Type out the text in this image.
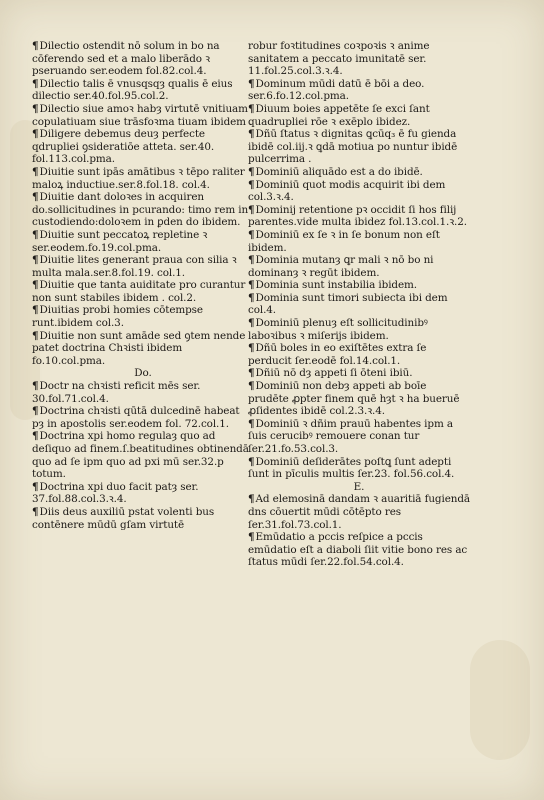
¶Dilectio ostendit nō solum in bo na cōferendo sed et a malo liberādo ꝛ pseruando ser.eodem fol.82.col.4.

¶Dilectio talis ē vnusqsqȝ qualis ē eius dilectio ser.40.fol.95.col.2.

¶Dilectio siue amoꝛ habȝ virtutē vnitiuam copulatiuam siue trāsfoꝛma tiuam ibidem .

¶Diligere debemus deuȝ perfecte qdrupliei ꝯsideratiōe atteta. ser.40. fol.113.col.pma.

¶Diuitie sunt ipās amātibus ꝛ tēpo raliter maloꝝ inductiue.ser.8.fol.18. col.4.

¶Diuitie dant doloꝛes in acquiren do.sollicitudines in pcurando: timo rem in custodiendo:doloꝛem in ꝑden do ibidem.

¶Diuitie sunt peccatoꝝ repletine ꝛ ser.eodem.fo.19.col.pma.

¶Diuitie lites generant praua con silia ꝛ multa mala.ser.8.fol.19. col.1.

¶Diuitie que tanta auiditate pro curantur non sunt stabiles ibidem . col.2.

¶Diuitias probi homies cōtempse runt.ibidem col.3.

¶Diuitie non sunt amāde sed ꝯtem nende patet doctrina Chꝛisti ibidem fo.10.col.pma.

Do.

¶Doctr na chꝛisti reficit mēs ser. 30.fol.71.col.4.

¶Doctrina chꝛisti qūtā dulcedinē habeat pȝ in apostolis ser.eodem fol. 72.col.1.

¶Doctrina xpi homo regulaȝ quo ad deſiquo ad finem.ſ.beatitudines obtinendā quo ad ſe ipm quo ad pxi mū ser.32.p totum.

¶Doctrina xpi duo facit patȝ ser. 37.fol.88.col.3.ꝛ.4.

¶Diis deus auxiliū pstat volenti bus contēnere mūdū gſam virtutē

robur foꝛtitudines coꝛpoꝛis ꝛ anime sanitatem a peccato imunitatē ser. 11.fol.25.col.3.ꝛ.4.

¶Dominum mūdi datū ē bōi a deo. ser.6.fo.12.col.pma.

¶Diuum boies appetēte ſe exci ſant quadrupliei rōe ꝛ exēplo ibidez.

¶Dñū ſtatus ꝛ dignitas ꝗcūq₃ ē fu gienda ibidē col.iij.ꝛ ꝗdā motiua po nuntur ibidē pulcerrima .

¶Dominiū aliquādo est a do ibidē.

¶Dominiū quot modis acquirit ibi dem col.3.ꝛ.4.

¶Dominij retentione pꝛ occidit ſi hos filij parentes.vide multa ibidez fol.13.col.1.ꝛ.2.

¶Dominiū ex ſe ꝛ in ſe bonum non eſt ibidem.

¶Dominia mutanȝ ꝗr mali ꝛ nō bo ni dominanȝ ꝛ regūt ibidem.

¶Dominia sunt instabilia ibidem.

¶Dominia sunt timori subiecta ibi dem col.4.

¶Dominiū plenuȝ eſt sollicitudinibꝰ laboꝛibus ꝛ miſerijs ibidem.

¶Dñū boles in eo exiſtētes extra ſe perducit ſer.eodē fol.14.col.1.

¶Dñiū nō dȝ appeti ſi ōteni ibiū.

¶Dominiū non debȝ appeti ab boīe prudēte ꝓpter finem quē hȝt ꝛ ha bueruē ꝓſidentes ibidē col.2.3.ꝛ.4.

¶Dominiū ꝛ dñim prauū habentes ipm a ſuis cerucibꝰ remouere conan tur ſer.21.fo.53.col.3.

¶Dominiū deſiderātes poſtꝗ ſunt adepti ſunt in pīculis multis ſer.23. fol.56.col.4.

E.

¶Ad elemosinā dandam ꝛ auaritiā fugiendā dns cōuertit mūdi cōtēpto res ſer.31.fol.73.col.1.

¶Emūdatio a pccis reſpice a pccis emūdatio eſt a diaboli ſiit vitie bono res ac ſtatus mūdi ſer.22.fol.54.col.4.
